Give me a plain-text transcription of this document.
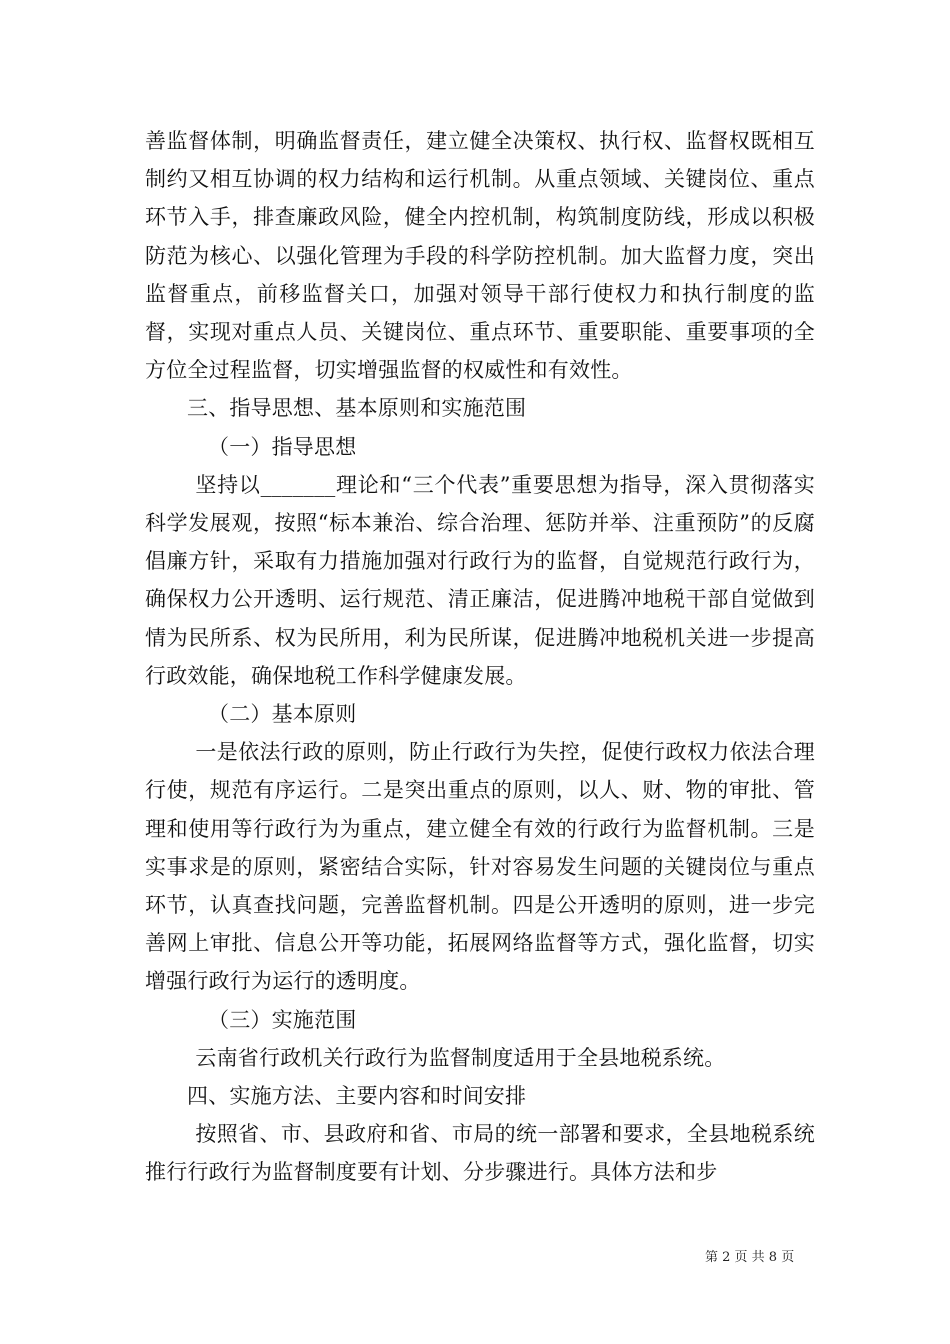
善监督体制，明确监督责任，建立健全决策权、执行权、监督权既相互制约又相互协调的权力结构和运行机制。从重点领域、关键岗位、重点环节入手，排查廉政风险，健全内控机制，构筑制度防线，形成以积极防范为核心、以强化管理为手段的科学防控机制。加大监督力度，突出监督重点，前移监督关口，加强对领导干部行使权力和执行制度的监督，实现对重点人员、关键岗位、重点环节、重要职能、重要事项的全方位全过程监督，切实增强监督的权威性和有效性。

三、指导思想、基本原则和实施范围

（一）指导思想

坚持以_______理论和“三个代表”重要思想为指导，深入贯彻落实科学发展观，按照“标本兼治、综合治理、惩防并举、注重预防”的反腐倡廉方针，采取有力措施加强对行政行为的监督，自觉规范行政行为，确保权力公开透明、运行规范、清正廉洁，促进腾冲地税干部自觉做到情为民所系、权为民所用，利为民所谋，促进腾冲地税机关进一步提高行政效能，确保地税工作科学健康发展。

（二）基本原则

一是依法行政的原则，防止行政行为失控，促使行政权力依法合理行使，规范有序运行。二是突出重点的原则，以人、财、物的审批、管理和使用等行政行为为重点，建立健全有效的行政行为监督机制。三是实事求是的原则，紧密结合实际，针对容易发生问题的关键岗位与重点环节，认真查找问题，完善监督机制。四是公开透明的原则，进一步完善网上审批、信息公开等功能，拓展网络监督等方式，强化监督，切实增强行政行为运行的透明度。

（三）实施范围

云南省行政机关行政行为监督制度适用于全县地税系统。

四、实施方法、主要内容和时间安排

按照省、市、县政府和省、市局的统一部署和要求，全县地税系统推行行政行为监督制度要有计划、分步骤进行。具体方法和步

第 2 页 共 8 页
